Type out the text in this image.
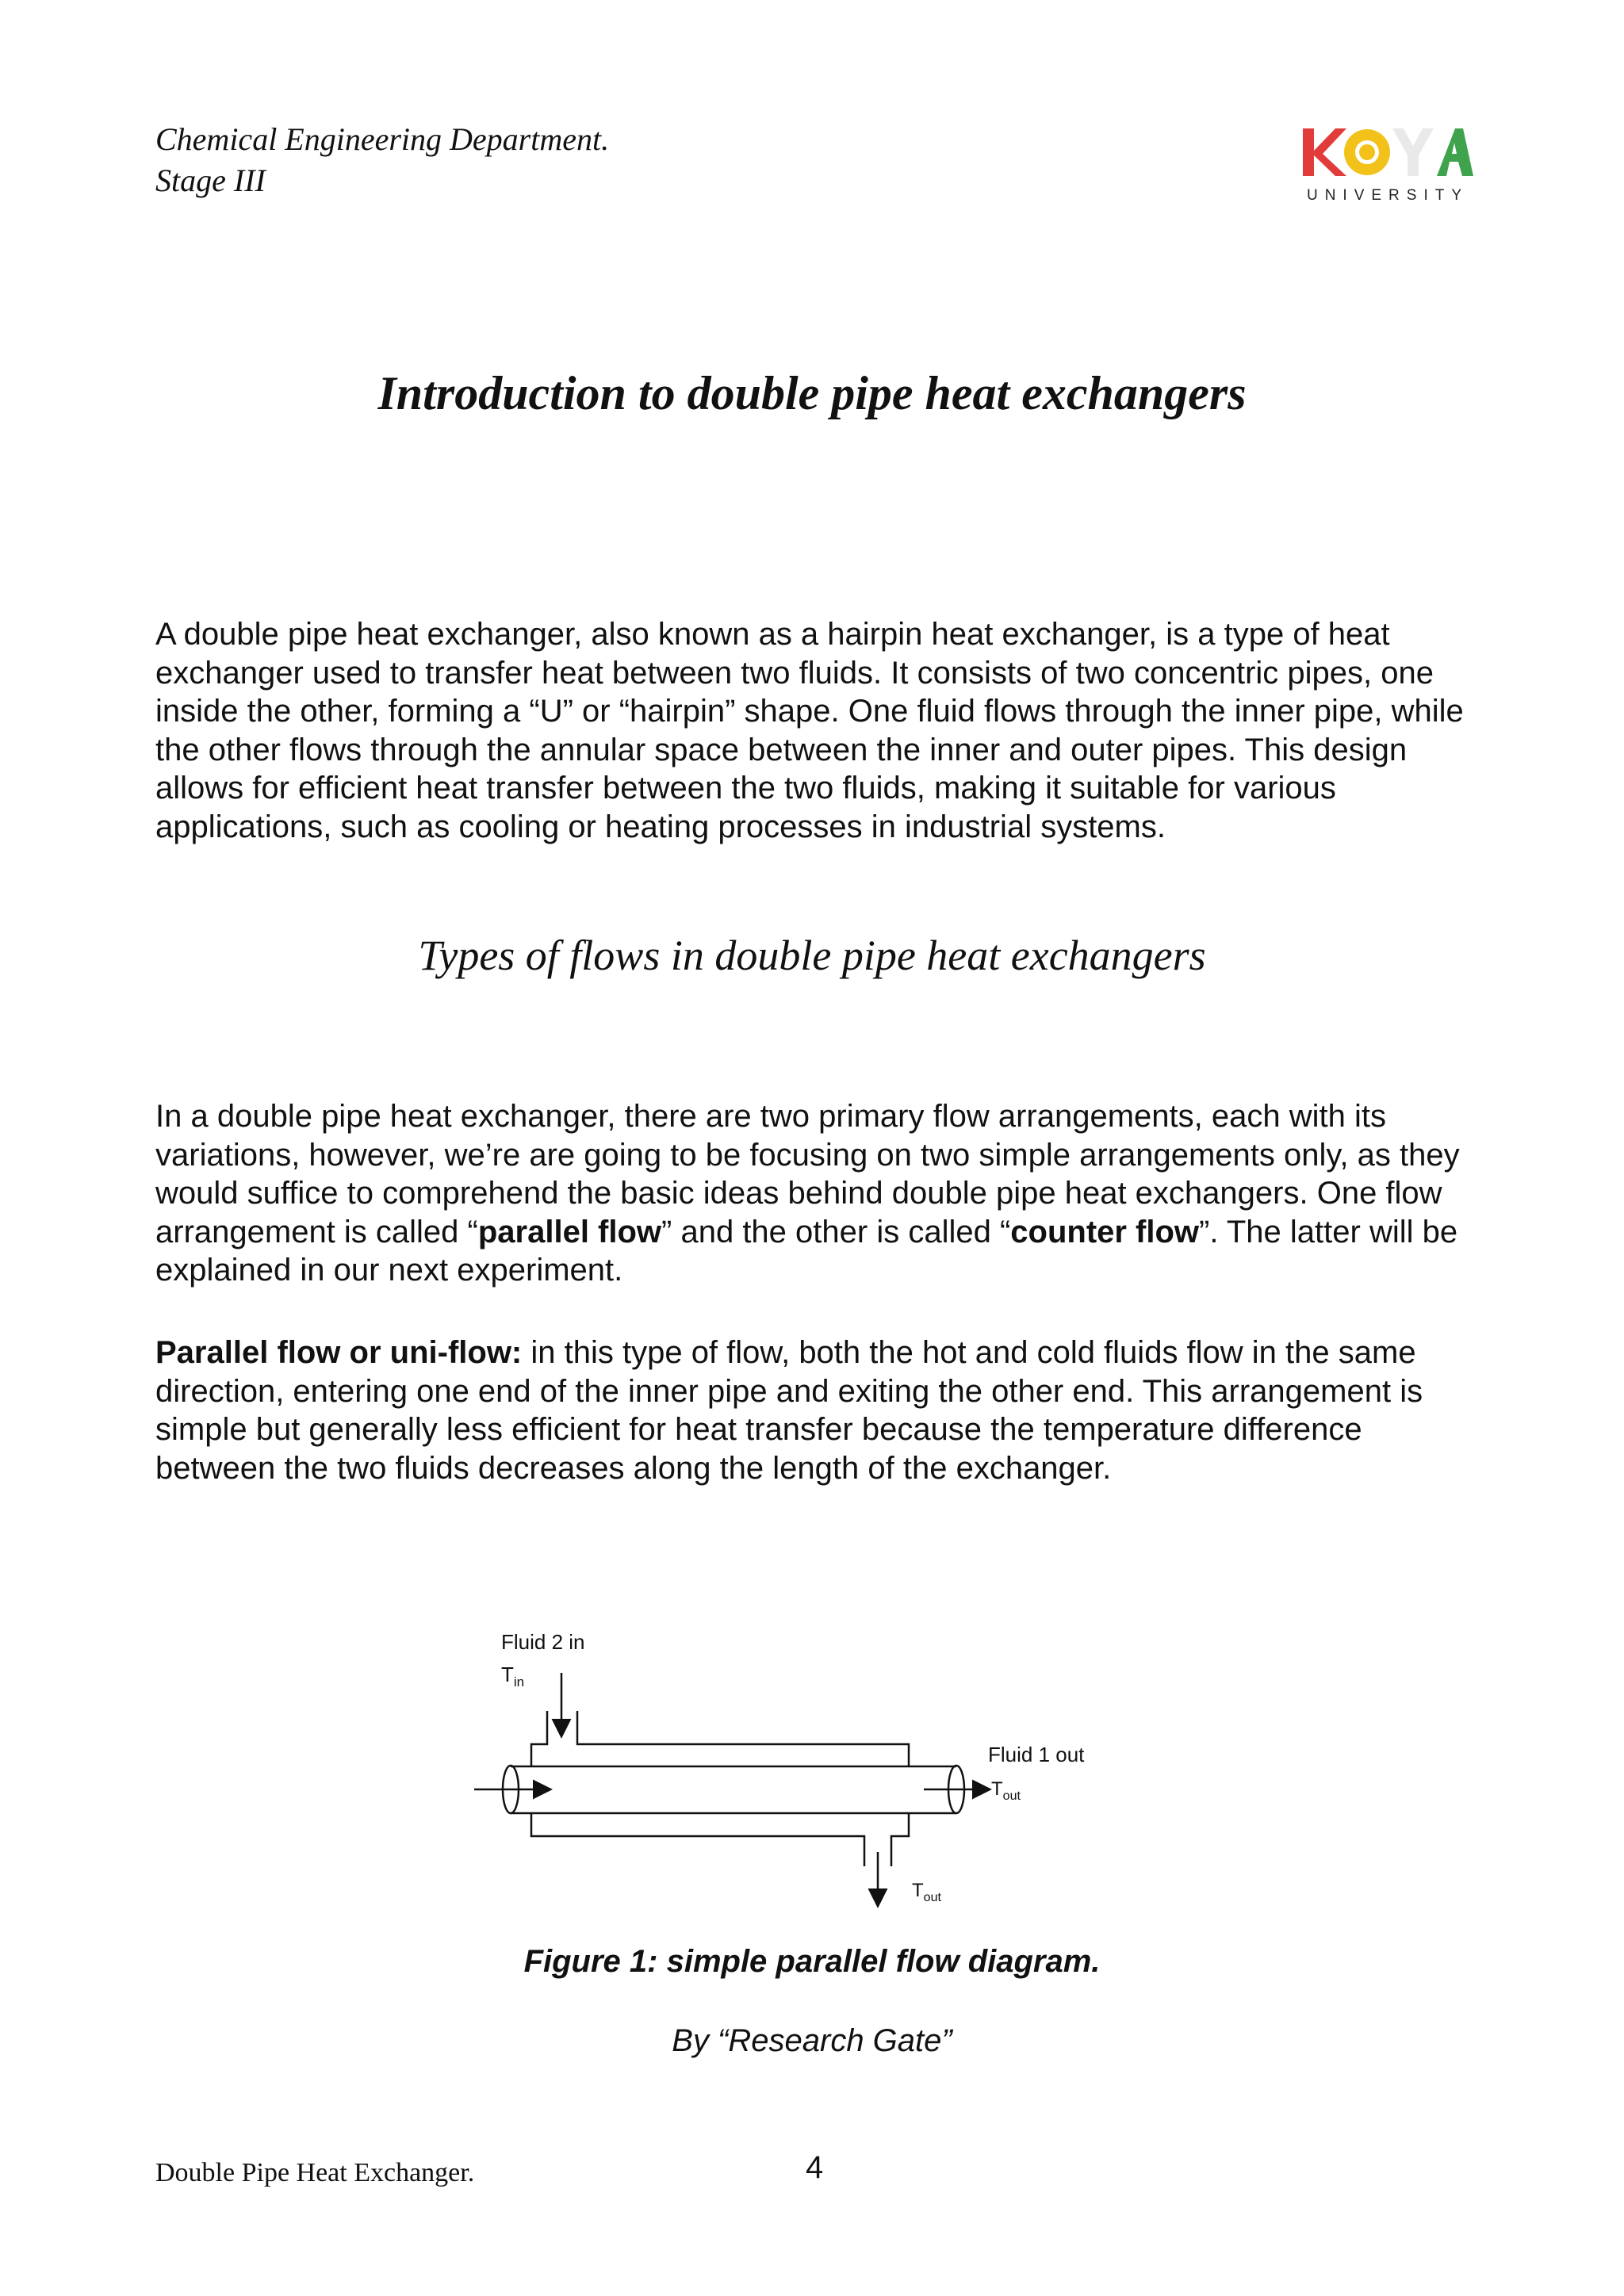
Chemical Engineering Department.
Stage III	UNIVERSITY
Introduction to double pipe heat exchangers

A double pipe heat exchanger, also known as a hairpin heat exchanger, is a type of heat exchanger used to transfer heat between two fluids. It consists of two concentric pipes, one inside the other, forming a “U” or “hairpin” shape. One fluid flows through the inner pipe, while the other flows through the annular space between the inner and outer pipes. This design allows for efficient heat transfer between the two fluids, making it suitable for various applications, such as cooling or heating processes in industrial systems.

Types of flows in double pipe heat exchangers

In a double pipe heat exchanger, there are two primary flow arrangements, each with its variations, however, we’re are going to be focusing on two simple arrangements only, as they would suffice to comprehend the basic ideas behind double pipe heat exchangers. One flow arrangement is called “parallel flow” and the other is called “counter flow”. The latter will be explained in our next experiment.

Parallel flow or uni-flow: in this type of flow, both the hot and cold fluids flow in the same direction, entering one end of the inner pipe and exiting the other end. This arrangement is simple but generally less efficient for heat transfer because the temperature difference between the two fluids decreases along the length of the exchanger.

Fluid 2 in
$T_{in}$
Fluid 1 out
$T_{out}$
$T_{out}$
Figure 1: simple parallel flow diagram.
By “Research Gate”
Double Pipe Heat Exchanger.	4
